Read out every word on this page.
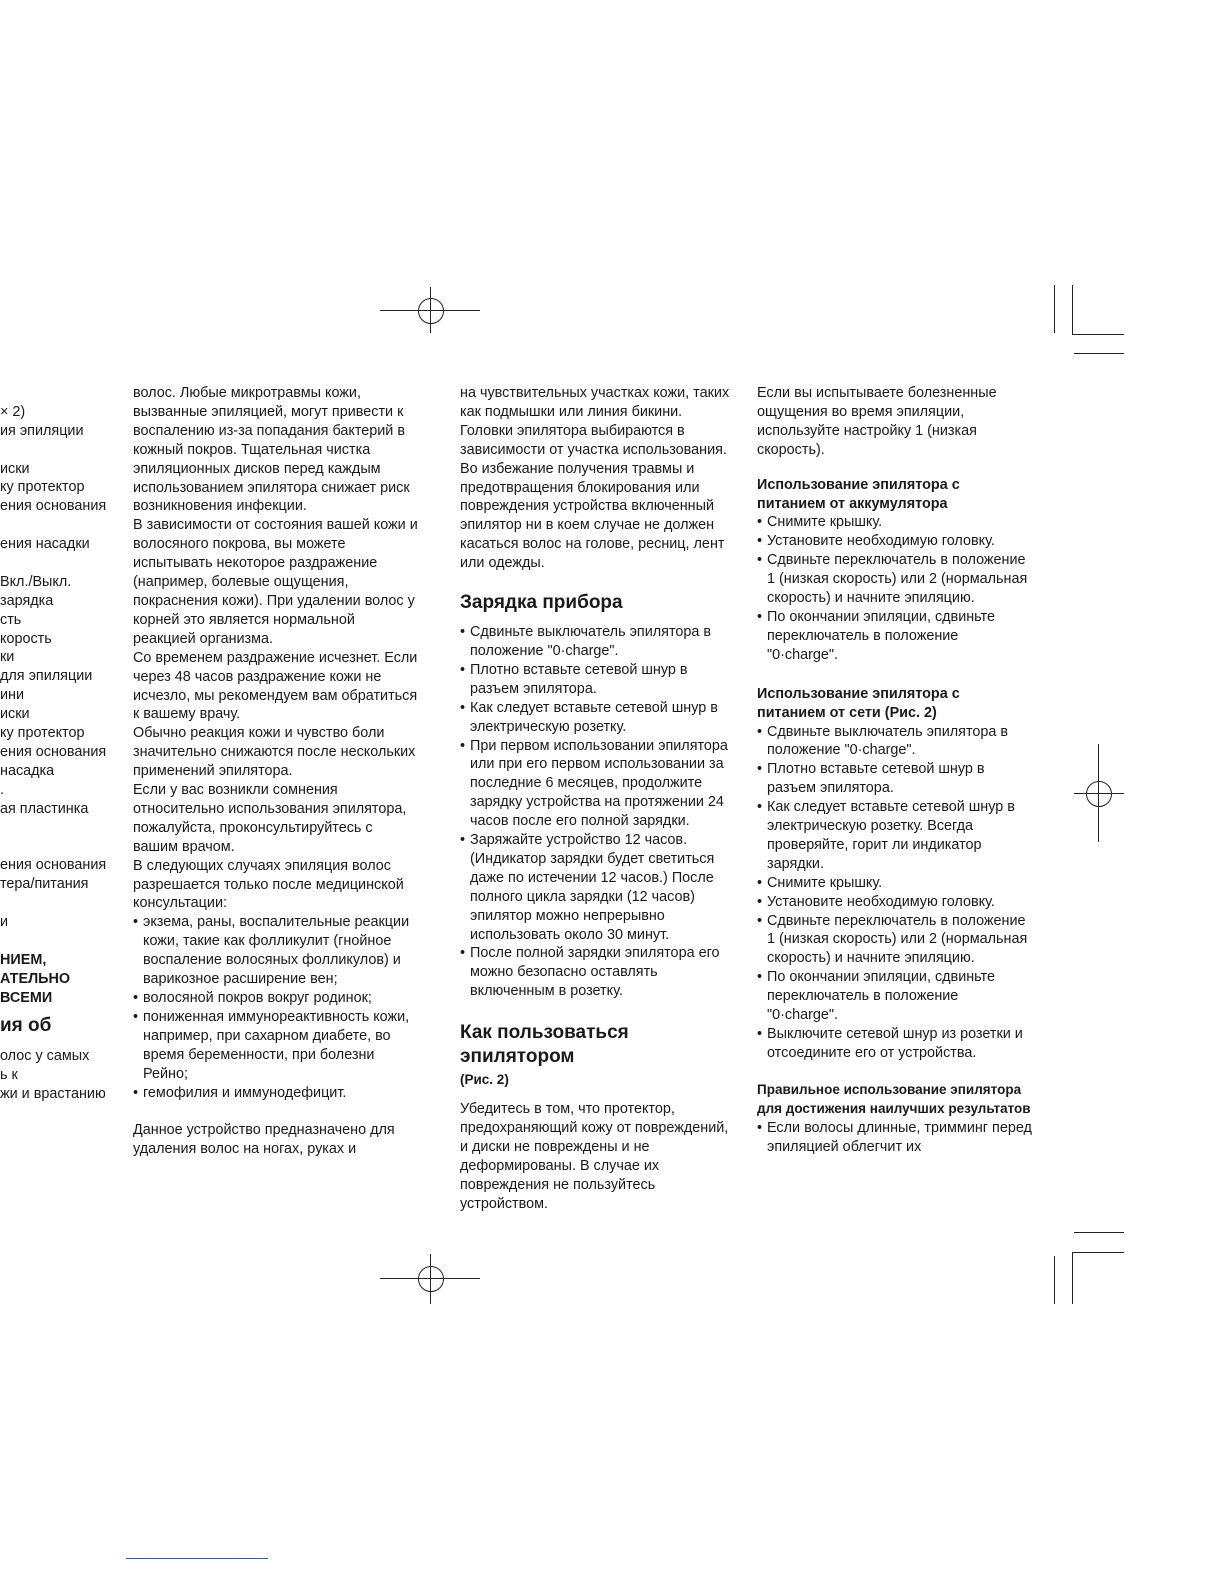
× 2)
ия эпиляции
иски
ку протектор
ения основания
ения насадки
Вкл./Выкл.
зарядка
сть
корость
ки
для эпиляции
ини
иски
ку протектор
ения основания
насадка
.
ая пластинка
ения основания
тера/питания
и
НИЕМ,
АТЕЛЬНО
ВСЕМИ
ия об
олос у самых
ь к
жи и врастанию

волос. Любые микротравмы кожи, вызванные эпиляцией, могут привести к воспалению из-за попадания бактерий в кожный покров. Тщательная чистка эпиляционных дисков перед каждым использованием эпилятора снижает риск возникновения инфекции.

В зависимости от состояния вашей кожи и волосяного покрова, вы можете испытывать некоторое раздражение (например, болевые ощущения, покраснения кожи). При удалении волос у корней это является нормальной реакцией организма.

Со временем раздражение исчезнет. Если через 48 часов раздражение кожи не исчезло, мы рекомендуем вам обратиться к вашему врачу.

Обычно реакция кожи и чувство боли значительно снижаются после нескольких применений эпилятора.

Если у вас возникли сомнения относительно использования эпилятора, пожалуйста, проконсультируйтесь с вашим врачом.

В следующих случаях эпиляция волос разрешается только после медицинской консультации:

• экзема, раны, воспалительные реакции кожи, такие как фолликулит (гнойное воспаление волосяных фолликулов) и варикозное расширение вен;
• волосяной покров вокруг родинок;
• пониженная иммунореактивность кожи, например, при сахарном диабете, во время беременности, при болезни Рейно;
• гемофилия и иммунодефицит.

Данное устройство предназначено для удаления волос на ногах, руках и

на чувствительных участках кожи, таких как подмышки или линия бикини. Головки эпилятора выбираются в зависимости от участка использования. Во избежание получения травмы и предотвращения блокирования или повреждения устройства включенный эпилятор ни в коем случае не должен касаться волос на голове, ресниц, лент или одежды.

Зарядка прибора
• Сдвиньте выключатель эпилятора в положение "0·charge".
• Плотно вставьте сетевой шнур в разъем эпилятора.
• Как следует вставьте сетевой шнур в электрическую розетку.
• При первом использовании эпилятора или при его первом использовании за последние 6 месяцев, продолжите зарядку устройства на протяжении 24 часов после его полной зарядки.
• Заряжайте устройство 12 часов. (Индикатор зарядки будет светиться даже по истечении 12 часов.) После полного цикла зарядки (12 часов) эпилятор можно непрерывно использовать около 30 минут.
• После полной зарядки эпилятора его можно безопасно оставлять включенным в розетку.
Как пользоваться эпилятором
(Рис. 2)

Убедитесь в том, что протектор, предохраняющий кожу от повреждений, и диски не повреждены и не деформированы. В случае их повреждения не пользуйтесь устройством.

Если вы испытываете болезненные ощущения во время эпиляции, используйте настройку 1 (низкая скорость).

Использование эпилятора с питанием от аккумулятора
• Снимите крышку.
• Установите необходимую головку.
• Сдвиньте переключатель в положение 1 (низкая скорость) или 2 (нормальная скорость) и начните эпиляцию.
• По окончании эпиляции, сдвиньте переключатель в положение "0·charge".
Использование эпилятора с питанием от сети (Рис. 2)
• Сдвиньте выключатель эпилятора в положение "0·charge".
• Плотно вставьте сетевой шнур в разъем эпилятора.
• Как следует вставьте сетевой шнур в электрическую розетку. Всегда проверяйте, горит ли индикатор зарядки.
• Снимите крышку.
• Установите необходимую головку.
• Сдвиньте переключатель в положение 1 (низкая скорость) или 2 (нормальная скорость) и начните эпиляцию.
• По окончании эпиляции, сдвиньте переключатель в положение "0·charge".
• Выключите сетевой шнур из розетки и отсоедините его от устройства.
Правильное использование эпилятора для достижения наилучших результатов
• Если волосы длинные, тримминг перед эпиляцией облегчит их
